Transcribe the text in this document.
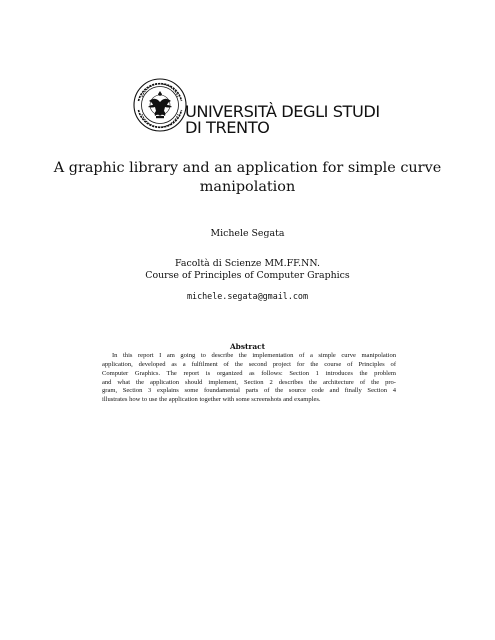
UNIVERSITÀ DEGLI STUDI
DI TRENTO
A graphic library and an application for simple curve
manipolation
Michele Segata
Facoltà di Scienze MM.FF.NN.
Course of Principles of Computer Graphics
michele.segata@gmail.com
Abstract
In this report I am going to describe the implementation of a simple curve manipolation
application, developed as a fulfilment of the second project for the course of Principles of
Computer Graphics. The report is organized as follows: Section 1 introduces the problem
and what the application should implement, Section 2 describes the architecture of the pro-
gram, Section 3 explains some foundamental parts of the source code and finally Section 4
illustrates how to use the application together with some screenshots and examples.
